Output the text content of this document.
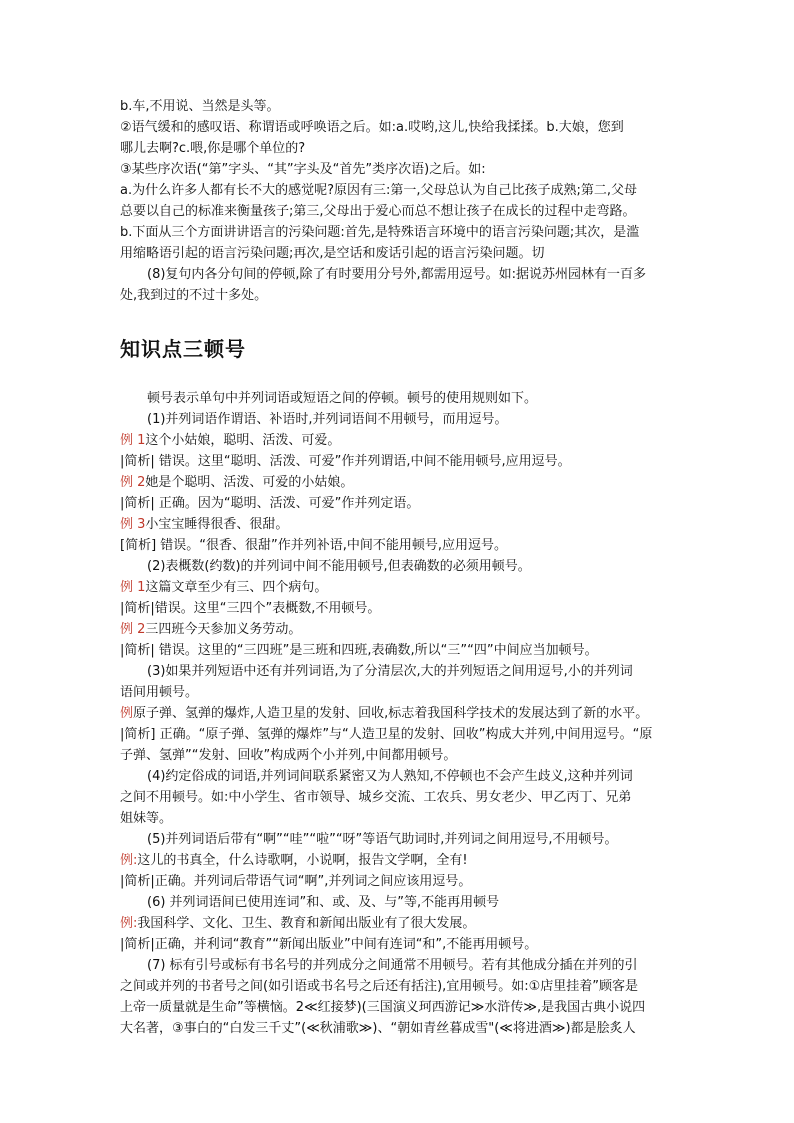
b.车,不用说、当然是头等。

②语气缓和的感叹语、称谓语或呼唤语之后。如:a.哎哟,这儿,快给我揉揉。b.大娘，您到

哪儿去啊?c.喂,你是哪个单位的?

③某些序次语(“第”字头、“其”字头及“首先”类序次语)之后。如:

a.为什么许多人都有长不大的感觉呢?原因有三:第一,父母总认为自己比孩子成熟;第二,父母

总要以自己的标准来衡量孩子;第三,父母出于爱心而总不想让孩子在成长的过程中走弯路。

b.下面从三个方面讲讲语言的污染问题:首先,是特殊语言环境中的语言污染问题;其次，是滥

用缩略语引起的语言污染问题;再次,是空话和废话引起的语言污染问题。切

(8)复句内各分句间的停顿,除了有时要用分号外,都需用逗号。如:据说苏州园林有一百多

处,我到过的不过十多处。

知识点三顿号

顿号表示单句中并列词语或短语之间的停顿。顿号的使用规则如下。

(1)并列词语作谓语、补语时,并列词语间不用顿号，而用逗号。

例 1这个小姑娘，聪明、活泼、可爱。

|简析| 错误。这里“聪明、活泼、可爱”作并列谓语,中间不能用顿号,应用逗号。

例 2她是个聪明、活泼、可爱的小姑娘。

|简析| 正确。因为“聪明、活泼、可爱”作并列定语。

例 3小宝宝睡得很香、很甜。

[简析] 错误。“很香、很甜”作并列补语,中间不能用顿号,应用逗号。

(2)表概数(约数)的并列词中间不能用顿号,但表确数的必须用顿号。

例 1这篇文章至少有三、四个病句。

|简析|错误。这里“三四个”表概数,不用顿号。

例 2三四班今天参加义务劳动。

|简析| 错误。这里的“三四班”是三班和四班,表确数,所以“三”“四”中间应当加顿号。

(3)如果并列短语中还有并列词语,为了分清层次,大的并列短语之间用逗号,小的并列词

语间用顿号。

例原子弹、氢弹的爆炸,人造卫星的发射、回收,标志着我国科学技术的发展达到了新的水平。

|简析] 正确。“原子弹、氢弹的爆炸”与“人造卫星的发射、回收”构成大并列,中间用逗号。“原

子弹、氢弹”“发射、回收”构成两个小并列,中间都用顿号。

(4)约定俗成的词语,并列词间联系紧密又为人熟知,不停顿也不会产生歧义,这种并列词

之间不用顿号。如:中小学生、省市领导、城乡交流、工农兵、男女老少、甲乙丙丁、兄弟

姐妹等。

(5)并列词语后带有“啊”“哇”“啦”“呀”等语气助词时,并列词之间用逗号,不用顿号。

例:这儿的书真全，什么诗歌啊，小说啊，报告文学啊，全有!

|简析|正确。并列词后带语气词“啊”,并列词之间应该用逗号。

(6) 并列词语间已使用连词”和、或、及、与”等,不能再用顿号

例:我国科学、文化、卫生、教育和新闻出版业有了很大发展。

|简析|正确，并利词“教育”“新闻出版业”中间有连词“和”,不能再用顿号。

(7) 标有引号或标有书名号的并列成分之间通常不用顿号。若有其他成分插在并列的引

之间或并列的书者号之间(如引语或书名号之后还有括注),宜用顿号。如:①店里挂着”顾客是

上帝一质量就是生命”等横恼。2≪红接梦)(三国演义珂西游记≫水浒传≫,是我国古典小说四

大名著，③事白的“白发三千丈”(≪秋浦歌≫)、“朝如青丝暮成雪"(≪将进酒≫)都是脍炙人
